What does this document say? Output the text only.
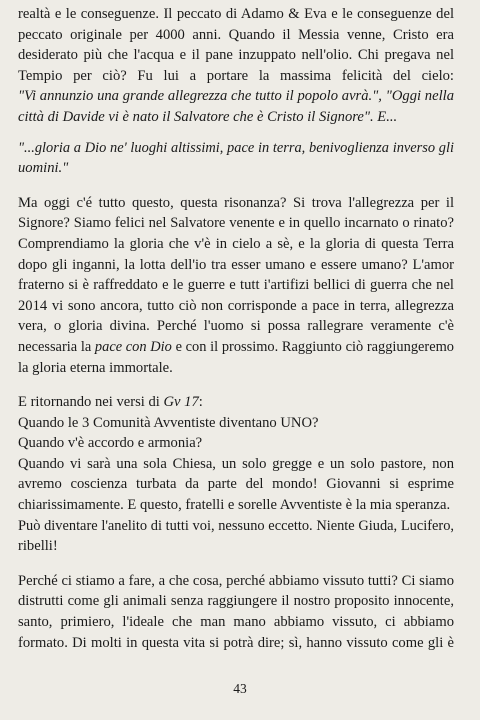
realtà e le conseguenze. Il peccato di Adamo & Eva e le conseguenze del
peccato originale per 4000 anni. Quando il Messia venne, Cristo era
desiderato più che l'acqua e il pane inzuppato nell'olio. Chi pregava nel
Tempio per ciò? Fu lui a portare la massima felicità del cielo:
"Vi annunzio una grande allegrezza che tutto il popolo avrà.", "Oggi nella
città di Davide vi è nato il Salvatore che è Cristo il Signore". E...

"...gloria a Dio ne' luoghi altissimi, pace in terra, benivoglienza inverso gli
uomini."

Ma oggi c'é tutto questo, questa risonanza? Si trova l'allegrezza per il
Signore? Siamo felici nel Salvatore venente e in quello incarnato o rinato?
Comprendiamo la gloria che v'è in cielo a sè, e la gloria di questa Terra
dopo gli inganni, la lotta dell'io tra esser umano e essere umano? L'amor
fraterno si è raffreddato e le guerre e tutt i'artifizi bellici di guerra che nel
2014 vi sono ancora, tutto ciò non corrisponde a pace in terra, allegrezza
vera, o gloria divina. Perché l'uomo si possa rallegrare veramente c'è
necessaria la pace con Dio e con il prossimo. Raggiunto ciò raggiungeremo
la gloria eterna immortale.

E ritornando nei versi di Gv 17:
Quando le 3 Comunità Avventiste diventano UNO?
Quando v'è accordo e armonia?
Quando vi sarà una sola Chiesa, un solo gregge e un solo pastore, non
avremo coscienza turbata da parte del mondo! Giovanni si esprime
chiarissimamente. E questo, fratelli e sorelle Avventiste è la mia speranza.
Può diventare l'anelito di tutti voi, nessuno eccetto. Niente Giuda, Lucifero,
ribelli!

Perché ci stiamo a fare, a che cosa, perché abbiamo vissuto tutti? Ci siamo
distrutti come gli animali senza raggiungere il nostro proposito innocente,
santo, primiero, l'ideale che man mano abbiamo vissuto, ci abbiamo
formato. Di molti in questa vita si potrà dire; sì, hanno vissuto come gli è

43
